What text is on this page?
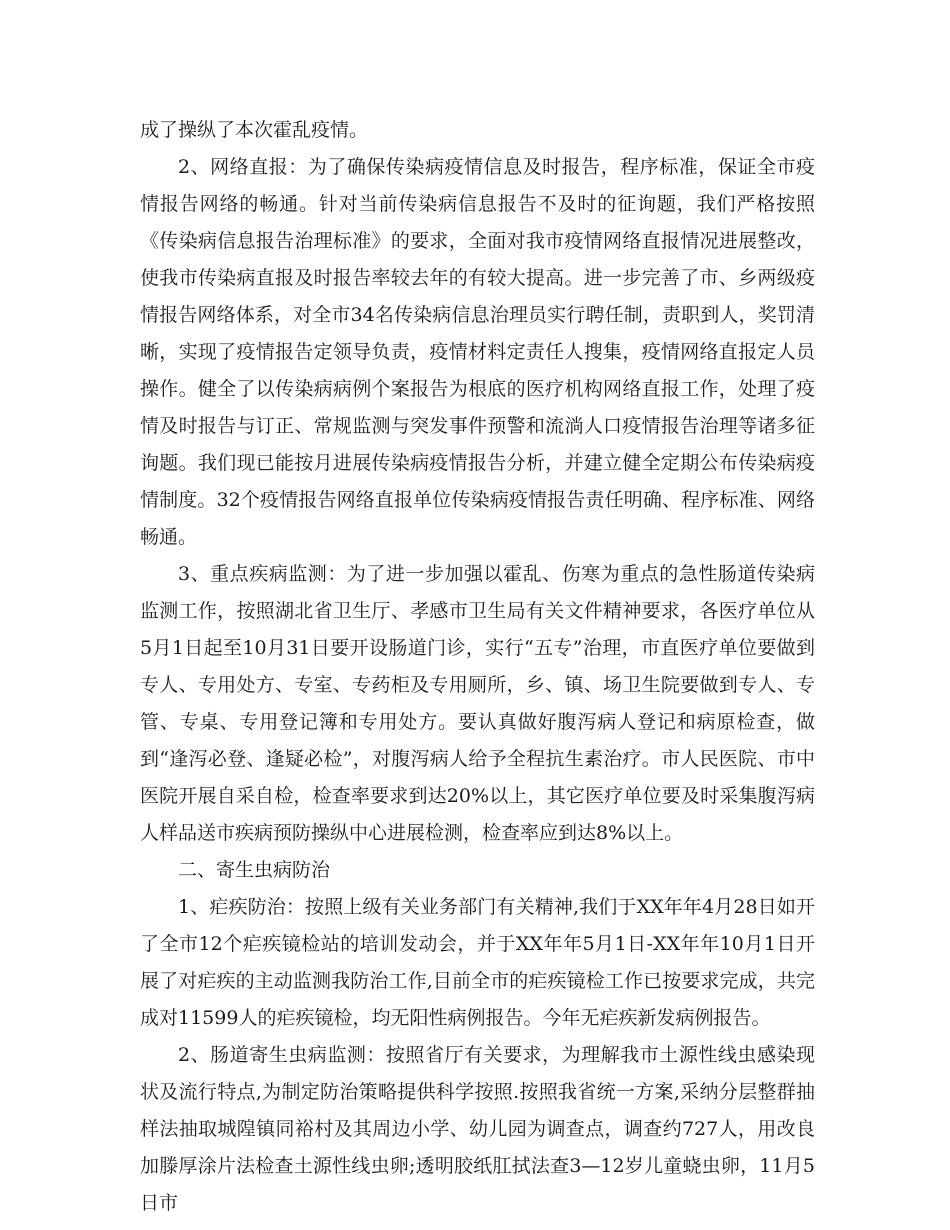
成了操纵了本次霍乱疫情。

2、网络直报：为了确保传染病疫情信息及时报告，程序标准，保证全市疫情报告网络的畅通。针对当前传染病信息报告不及时的征询题，我们严格按照《传染病信息报告治理标准》的要求，全面对我市疫情网络直报情况进展整改，使我市传染病直报及时报告率较去年的有较大提高。进一步完善了市、乡两级疫情报告网络体系，对全市34名传染病信息治理员实行聘任制，责职到人，奖罚清晰，实现了疫情报告定领导负责，疫情材料定责任人搜集，疫情网络直报定人员操作。健全了以传染病病例个案报告为根底的医疗机构网络直报工作，处理了疫情及时报告与订正、常规监测与突发事件预警和流淌人口疫情报告治理等诸多征询题。我们现已能按月进展传染病疫情报告分析，并建立健全定期公布传染病疫情制度。32个疫情报告网络直报单位传染病疫情报告责任明确、程序标准、网络畅通。

3、重点疾病监测：为了进一步加强以霍乱、伤寒为重点的急性肠道传染病监测工作，按照湖北省卫生厅、孝感市卫生局有关文件精神要求，各医疗单位从5月1日起至10月31日要开设肠道门诊，实行“五专”治理，市直医疗单位要做到专人、专用处方、专室、专药柜及专用厕所，乡、镇、场卫生院要做到专人、专管、专桌、专用登记簿和专用处方。要认真做好腹泻病人登记和病原检查，做到“逢泻必登、逢疑必检”，对腹泻病人给予全程抗生素治疗。市人民医院、市中医院开展自采自检，检查率要求到达20%以上，其它医疗单位要及时采集腹泻病人样品送市疾病预防操纵中心进展检测，检查率应到达8%以上。

二、寄生虫病防治

1、疟疾防治：按照上级有关业务部门有关精神,我们于XX年年4月28日如开了全市12个疟疾镜检站的培训发动会，并于XX年年5月1日-XX年年10月1日开展了对疟疾的主动监测我防治工作,目前全市的疟疾镜检工作已按要求完成，共完成对11599人的疟疾镜检，均无阳性病例报告。今年无疟疾新发病例报告。

2、肠道寄生虫病监测：按照省厅有关要求，为理解我市土源性线虫感染现状及流行特点,为制定防治策略提供科学按照.按照我省统一方案,采纳分层整群抽样法抽取城隍镇同裕村及其周边小学、幼儿园为调查点，调查约727人，用改良加滕厚涂片法检查土源性线虫卵;透明胶纸肛拭法查3—12岁儿童蛲虫卵，11月5日市
